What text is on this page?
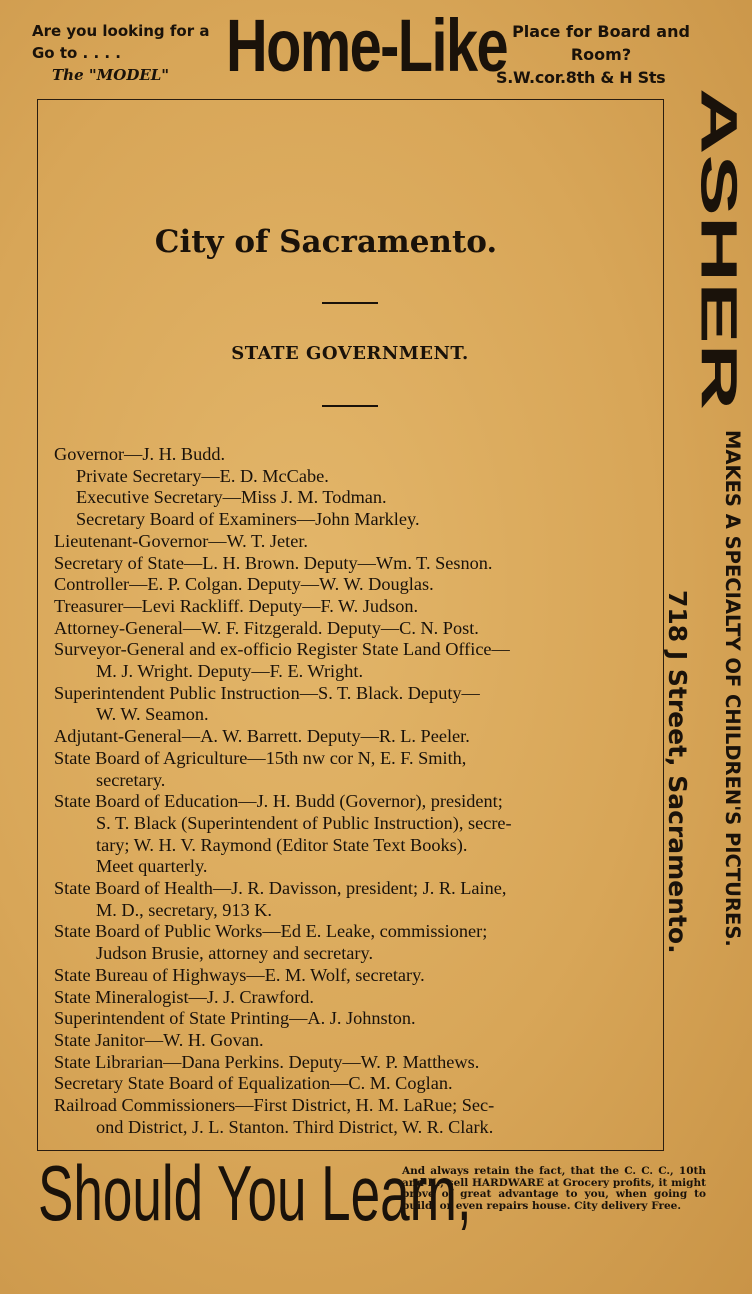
Are you looking for a
Go to . . . .
The "MODEL" Home-Like Place for Board and
Room?
S.W.cor.8th & H Sts
City of Sacramento.
STATE GOVERNMENT.
Governor—J. H. Budd.
Private Secretary—E. D. McCabe.
Executive Secretary—Miss J. M. Todman.
Secretary Board of Examiners—John Markley.
Lieutenant-Governor—W. T. Jeter.
Secretary of State—L. H. Brown. Deputy—Wm. T. Sesnon.
Controller—E. P. Colgan. Deputy—W. W. Douglas.
Treasurer—Levi Rackliff. Deputy—F. W. Judson.
Attorney-General—W. F. Fitzgerald. Deputy—C. N. Post.
Surveyor-General and ex-officio Register State Land Office—
M. J. Wright. Deputy—F. E. Wright.
Superintendent Public Instruction—S. T. Black. Deputy—
W. W. Seamon.
Adjutant-General—A. W. Barrett. Deputy—R. L. Peeler.
State Board of Agriculture—15th nw cor N, E. F. Smith,
secretary.
State Board of Education—J. H. Budd (Governor), president;
S. T. Black (Superintendent of Public Instruction), secre-
tary; W. H. V. Raymond (Editor State Text Books).
Meet quarterly.
State Board of Health—J. R. Davisson, president; J. R. Laine,
M. D., secretary, 913 K.
State Board of Public Works—Ed E. Leake, commissioner;
Judson Brusie, attorney and secretary.
State Bureau of Highways—E. M. Wolf, secretary.
State Mineralogist—J. J. Crawford.
Superintendent of State Printing—A. J. Johnston.
State Janitor—W. H. Govan.
State Librarian—Dana Perkins. Deputy—W. P. Matthews.
Secretary State Board of Equalization—C. M. Coglan.
Railroad Commissioners—First District, H. M. LaRue; Sec-
ond District, J. L. Stanton. Third District, W. R. Clark.
ASHER
718 J Street, Sacramento. MAKES A SPECIALTY OF CHILDREN'S PICTURES.
Should You Learn,
And always retain the fact, that the C. C. C., 10th and K., sell HARDWARE at Grocery profits, it might prove of great advantage to you, when going to build, or even repairs house. City delivery Free.
